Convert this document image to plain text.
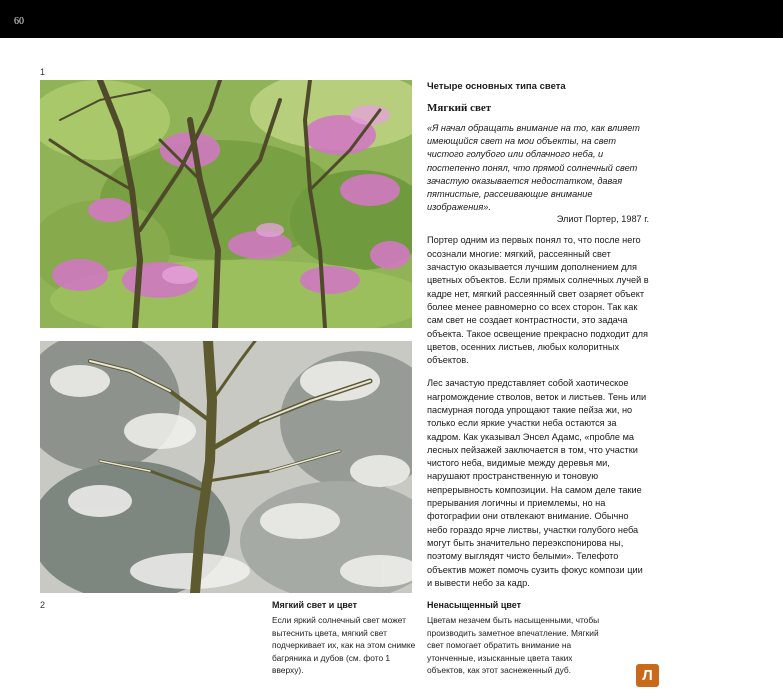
60
1
2

Четыре основных типа света

Мягкий свет

«Я начал обращать внимание на то, как влияет имеющийся свет на мои объекты, на свет чистого голубого или облачного неба, и постепенно понял, что прямой солнечный свет зачастую оказывается недостатком, давая пятнистые, рассеивающие внимание изображения».

Элиот Портер, 1987 г.

Портер одним из первых понял то, что после него осознали многие: мягкий, рассеянный свет зачастую оказывается лучшим дополнением для цветных объектов. Если прямых солнечных лучей в кадре нет, мягкий рассеянный свет озаряет объект более менее равномерно со всех сторон. Так как сам свет не создает контрастности, это задача объекта. Такое освещение прекрасно подходит для цветов, осенних листьев, любых колоритных объектов.

Лес зачастую представляет собой хаотическое нагромождение стволов, веток и листьев. Тень или пасмурная погода упрощают такие пейза жи, но только если яркие участки неба остаются за кадром. Как указывал Энсел Адамс, «пробле ма лесных пейзажей заключается в том, что участки чистого неба, видимые между деревья ми, нарушают пространственную и тоновую непрерывность композиции. На самом деле такие прерывания логичны и приемлемы, но на фотографии они отвлекают внимание. Обычно небо гораздо ярче листвы, участки голубого неба могут быть значительно переэкспонирова ны, поэтому выглядят чисто белыми». Телефото объектив может помочь сузить фокус компози ции и вывести небо за кадр.

Мягкий свет и цвет
Если яркий солнечный свет может вытеснить цвета, мягкий свет подчеркивает их, как на этом снимке багряника и дубов (см. фото 1 вверху).
Ненасыщенный цвет
Цветам незачем быть насыщенными, чтобы производить заметное впечатление. Мягкий свет помогает обратить внимание на утонченные, изысканные цвета таких объектов, как этот заснеженный дуб.	Л
